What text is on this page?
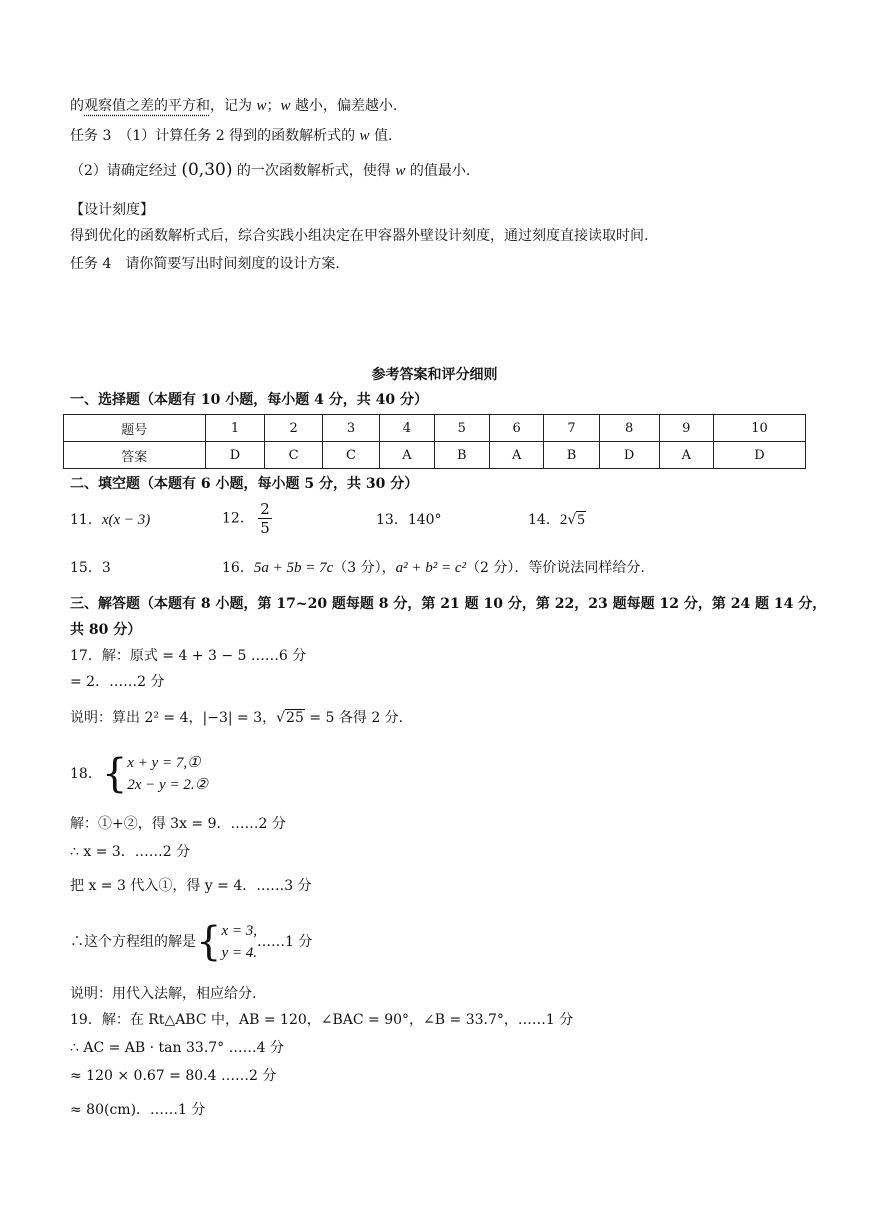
的观察值之差的平方和，记为 w；w 越小，偏差越小.
任务 3　（1）计算任务 2 得到的函数解析式的 w 值.
（2）请确定经过 (0,30) 的一次函数解析式，使得 w 的值最小.
【设计刻度】
得到优化的函数解析式后，综合实践小组决定在甲容器外壁设计刻度，通过刻度直接读取时间.
任务 4　请你简要写出时间刻度的设计方案.
参考答案和评分细则
一、选择题（本题有 10 小题，每小题 4 分，共 40 分）
题号	1	2	3	4	5	6	7	8	9	10
答案	D	C	C	A	B	A	B	D	A	D
二、填空题（本题有 6 小题，每小题 5 分，共 30 分）
11．x(x − 3)	12． $\frac{2}{5}$	13．140°	14．2√5
15．3	16．5a + 5b = 7c（3 分），a² + b² = c²（2 分）．等价说法同样给分.
三、解答题（本题有 8 小题，第 17~20 题每题 8 分，第 21 题 10 分，第 22，23 题每题 12 分，第 24 题 14 分，
共 80 分）
17．解：原式 = 4 + 3 − 5 ……6 分
= 2．……2 分
说明：算出 2² = 4，|−3| = 3，√25 = 5 各得 2 分.
18．{ x + y = 7,①
2x − y = 2.②
解：①+②，得 3x = 9．……2 分
∴ x = 3．……2 分
把 x = 3 代入①，得 y = 4．……3 分
∴这个方程组的解是{ x = 3,
y = 4.
……1 分
说明：用代入法解，相应给分.
19．解：在 Rt△ABC 中，AB = 120，∠BAC = 90°，∠B = 33.7°，……1 分
∴ AC = AB · tan 33.7° ……4 分
≈ 120 × 0.67 = 80.4 ……2 分
≈ 80(cm)．……1 分
